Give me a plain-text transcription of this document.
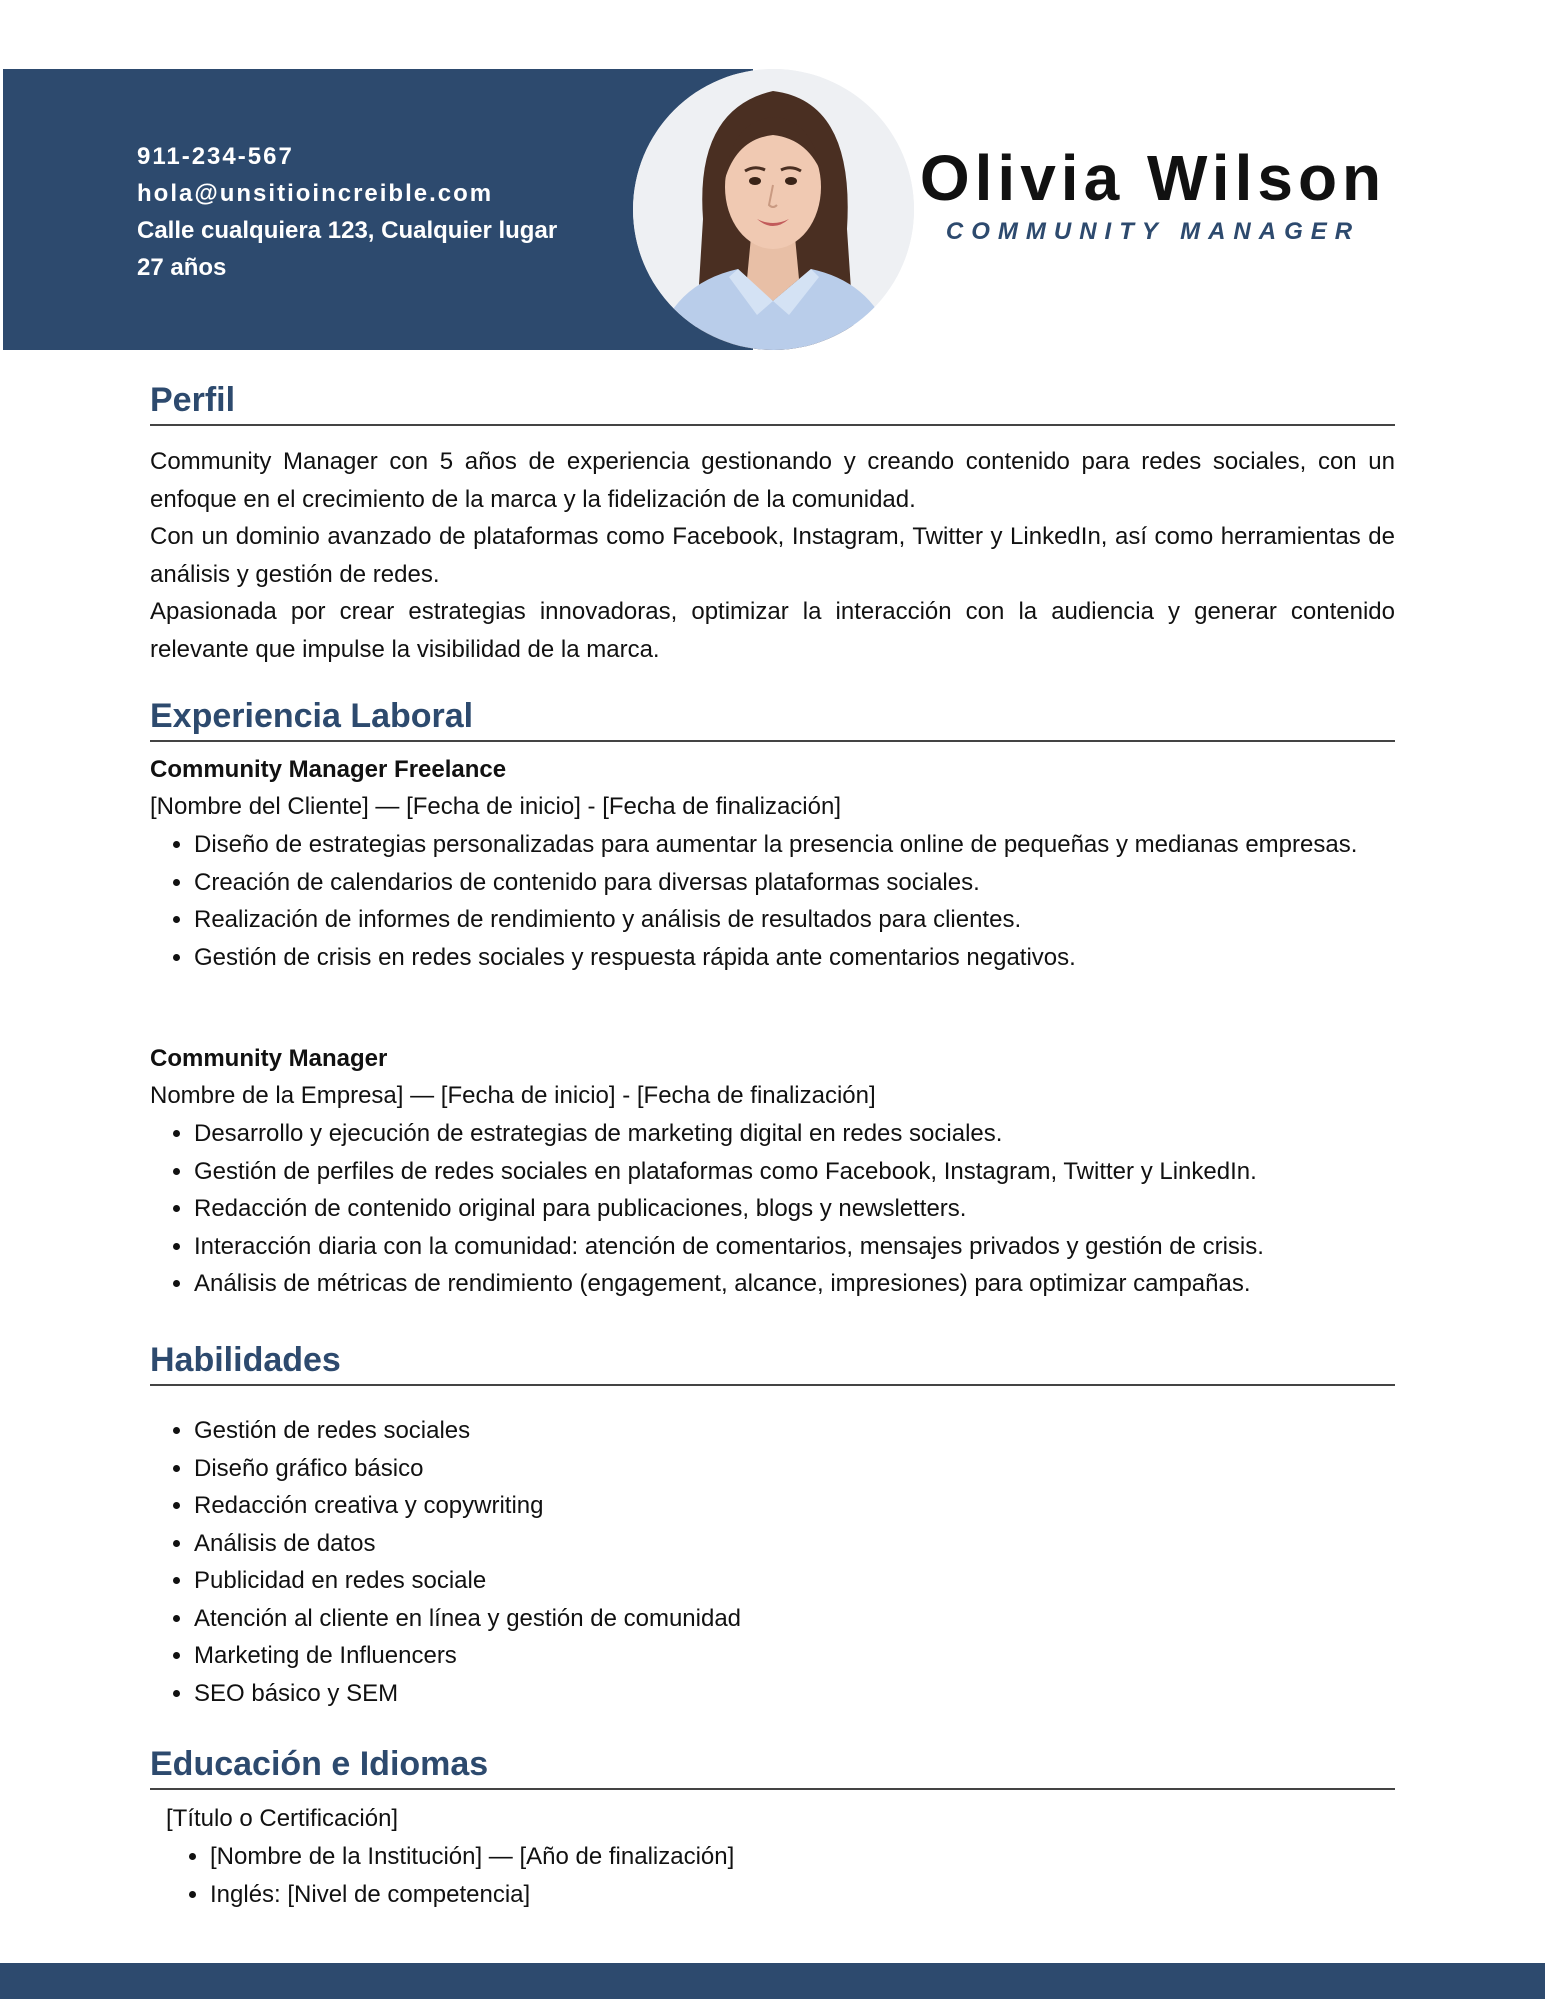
911-234-567
hola@unsitioincreible.com
Calle cualquiera 123, Cualquier lugar
27 años
Olivia Wilson
COMMUNITY MANAGER
Perfil

Community Manager con 5 años de experiencia gestionando y creando contenido para redes sociales, con un enfoque en el crecimiento de la marca y la fidelización de la comunidad.

Con un dominio avanzado de plataformas como Facebook, Instagram, Twitter y LinkedIn, así como herramientas de análisis y gestión de redes.

Apasionada por crear estrategias innovadoras, optimizar la interacción con la audiencia y generar contenido relevante que impulse la visibilidad de la marca.

Experiencia Laboral
Community Manager Freelance
[Nombre del Cliente] — [Fecha de inicio] - [Fecha de finalización]
• Diseño de estrategias personalizadas para aumentar la presencia online de pequeñas y medianas empresas.
• Creación de calendarios de contenido para diversas plataformas sociales.
• Realización de informes de rendimiento y análisis de resultados para clientes.
• Gestión de crisis en redes sociales y respuesta rápida ante comentarios negativos.
Community Manager
Nombre de la Empresa] — [Fecha de inicio] - [Fecha de finalización]
• Desarrollo y ejecución de estrategias de marketing digital en redes sociales.
• Gestión de perfiles de redes sociales en plataformas como Facebook, Instagram, Twitter y LinkedIn.
• Redacción de contenido original para publicaciones, blogs y newsletters.
• Interacción diaria con la comunidad: atención de comentarios, mensajes privados y gestión de crisis.
• Análisis de métricas de rendimiento (engagement, alcance, impresiones) para optimizar campañas.
Habilidades
• Gestión de redes sociales
• Diseño gráfico básico
• Redacción creativa y copywriting
• Análisis de datos
• Publicidad en redes sociale
• Atención al cliente en línea y gestión de comunidad
• Marketing de Influencers
• SEO básico y SEM
Educación e Idiomas
[Título o Certificación]
• [Nombre de la Institución] — [Año de finalización]
• Inglés: [Nivel de competencia]
